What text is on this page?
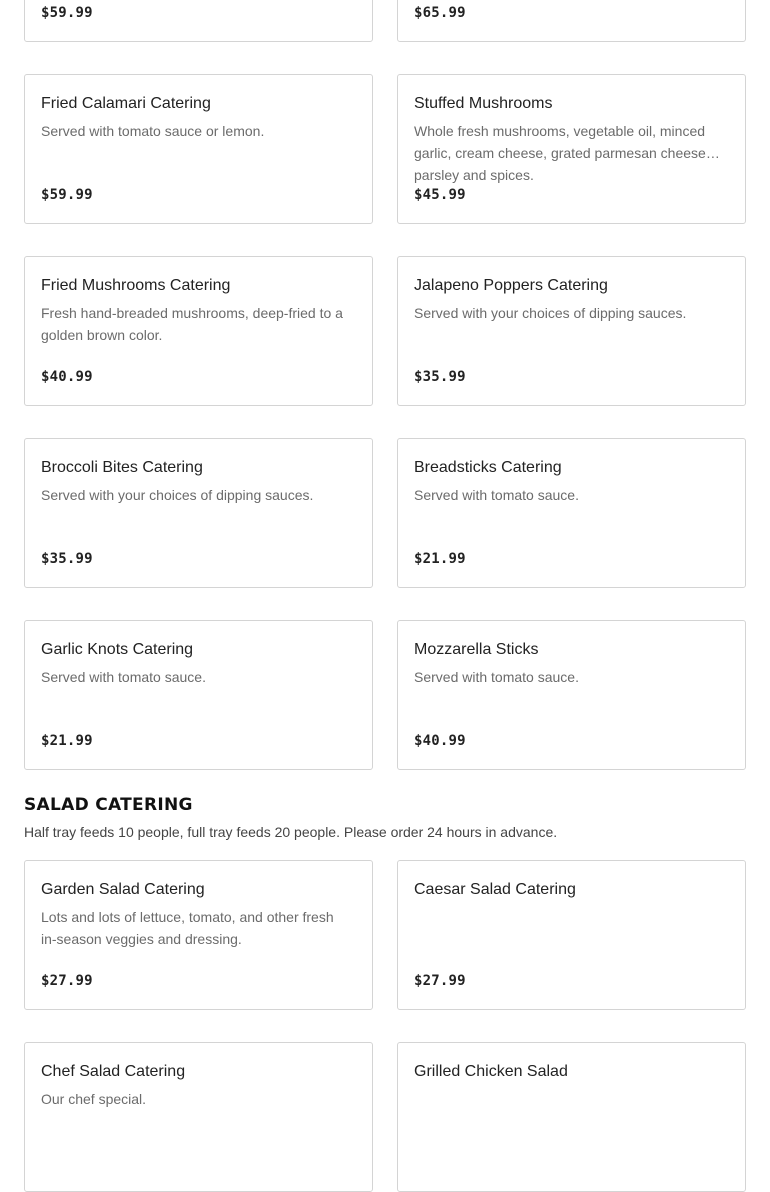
$59.99	$65.99
Fried Calamari Catering
Served with tomato sauce or lemon.
$59.99
Stuffed Mushrooms
Whole fresh mushrooms, vegetable oil, minced garlic, cream cheese, grated parmesan cheese, parsley and spices.
$45.99
Fried Mushrooms Catering
Fresh hand-breaded mushrooms, deep-fried to a golden brown color.
$40.99
Jalapeno Poppers Catering
Served with your choices of dipping sauces.
$35.99
Broccoli Bites Catering
Served with your choices of dipping sauces.
$35.99
Breadsticks Catering
Served with tomato sauce.
$21.99
Garlic Knots Catering
Served with tomato sauce.
$21.99
Mozzarella Sticks
Served with tomato sauce.
$40.99
SALAD CATERING
Half tray feeds 10 people, full tray feeds 20 people. Please order 24 hours in advance.
Garden Salad Catering
Lots and lots of lettuce, tomato, and other fresh in-season veggies and dressing.
$27.99
Caesar Salad Catering
$27.99
Chef Salad Catering
Our chef special.
Grilled Chicken Salad
